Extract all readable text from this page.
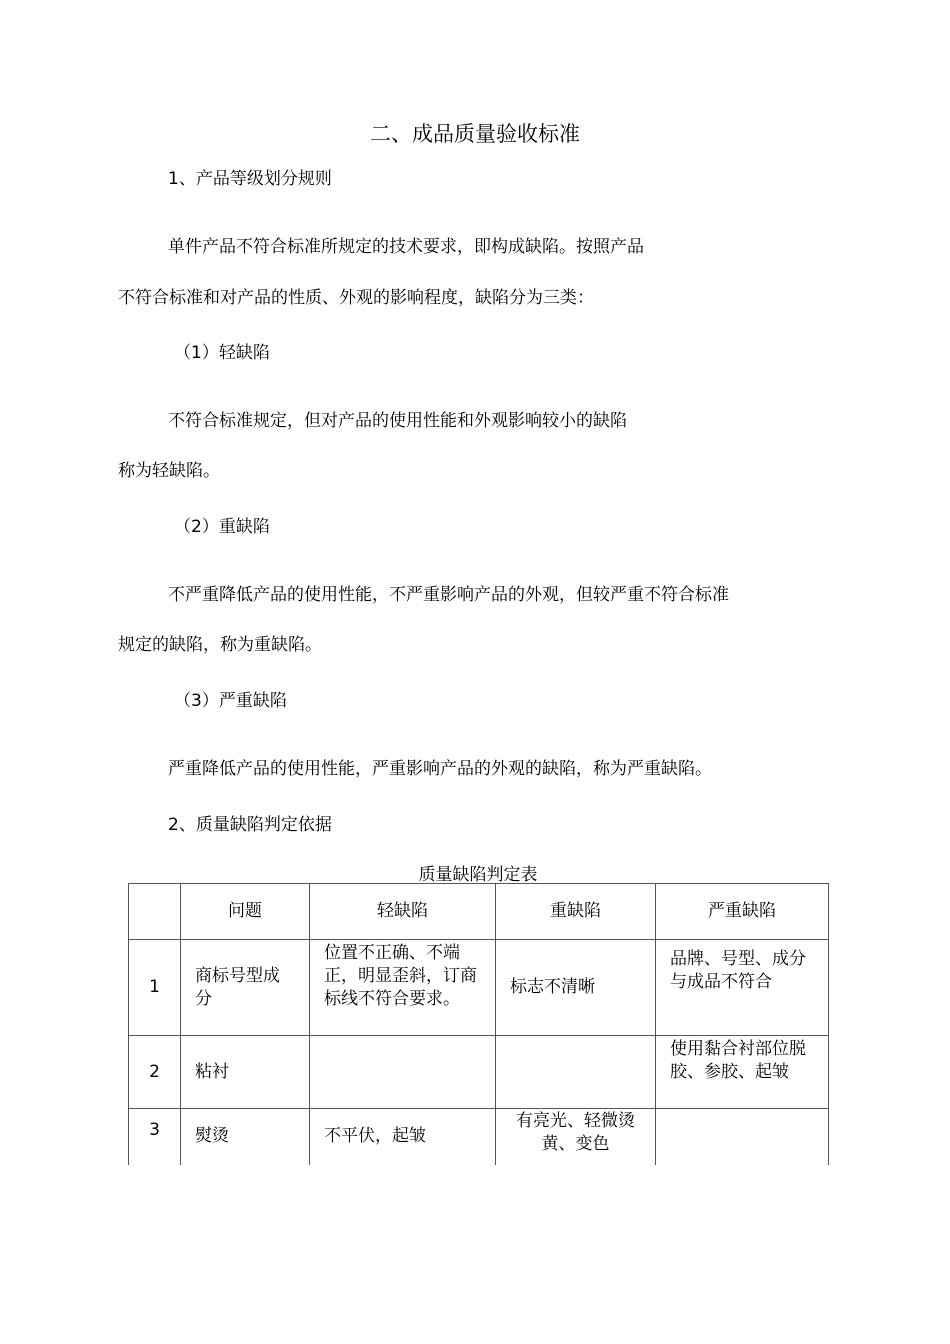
二、成品质量验收标准
1、产品等级划分规则
单件产品不符合标准所规定的技术要求，即构成缺陷。按照产品
不符合标准和对产品的性质、外观的影响程度，缺陷分为三类：
（1）轻缺陷
不符合标准规定，但对产品的使用性能和外观影响较小的缺陷
称为轻缺陷。
（2）重缺陷
不严重降低产品的使用性能，不严重影响产品的外观，但较严重不符合标准
规定的缺陷，称为重缺陷。
（3）严重缺陷
严重降低产品的使用性能，严重影响产品的外观的缺陷，称为严重缺陷。
2、质量缺陷判定依据
质量缺陷判定表
	问题	轻缺陷	重缺陷	严重缺陷
1	商标号型成分	位置不正确、不端正，明显歪斜，订商标线不符合要求。	标志不清晰	品牌、号型、成分与成品不符合
2	粘衬			使用黏合衬部位脱胶、参胶、起皱
3	熨烫	不平伏，起皱	有亮光、轻微烫黄、变色	
